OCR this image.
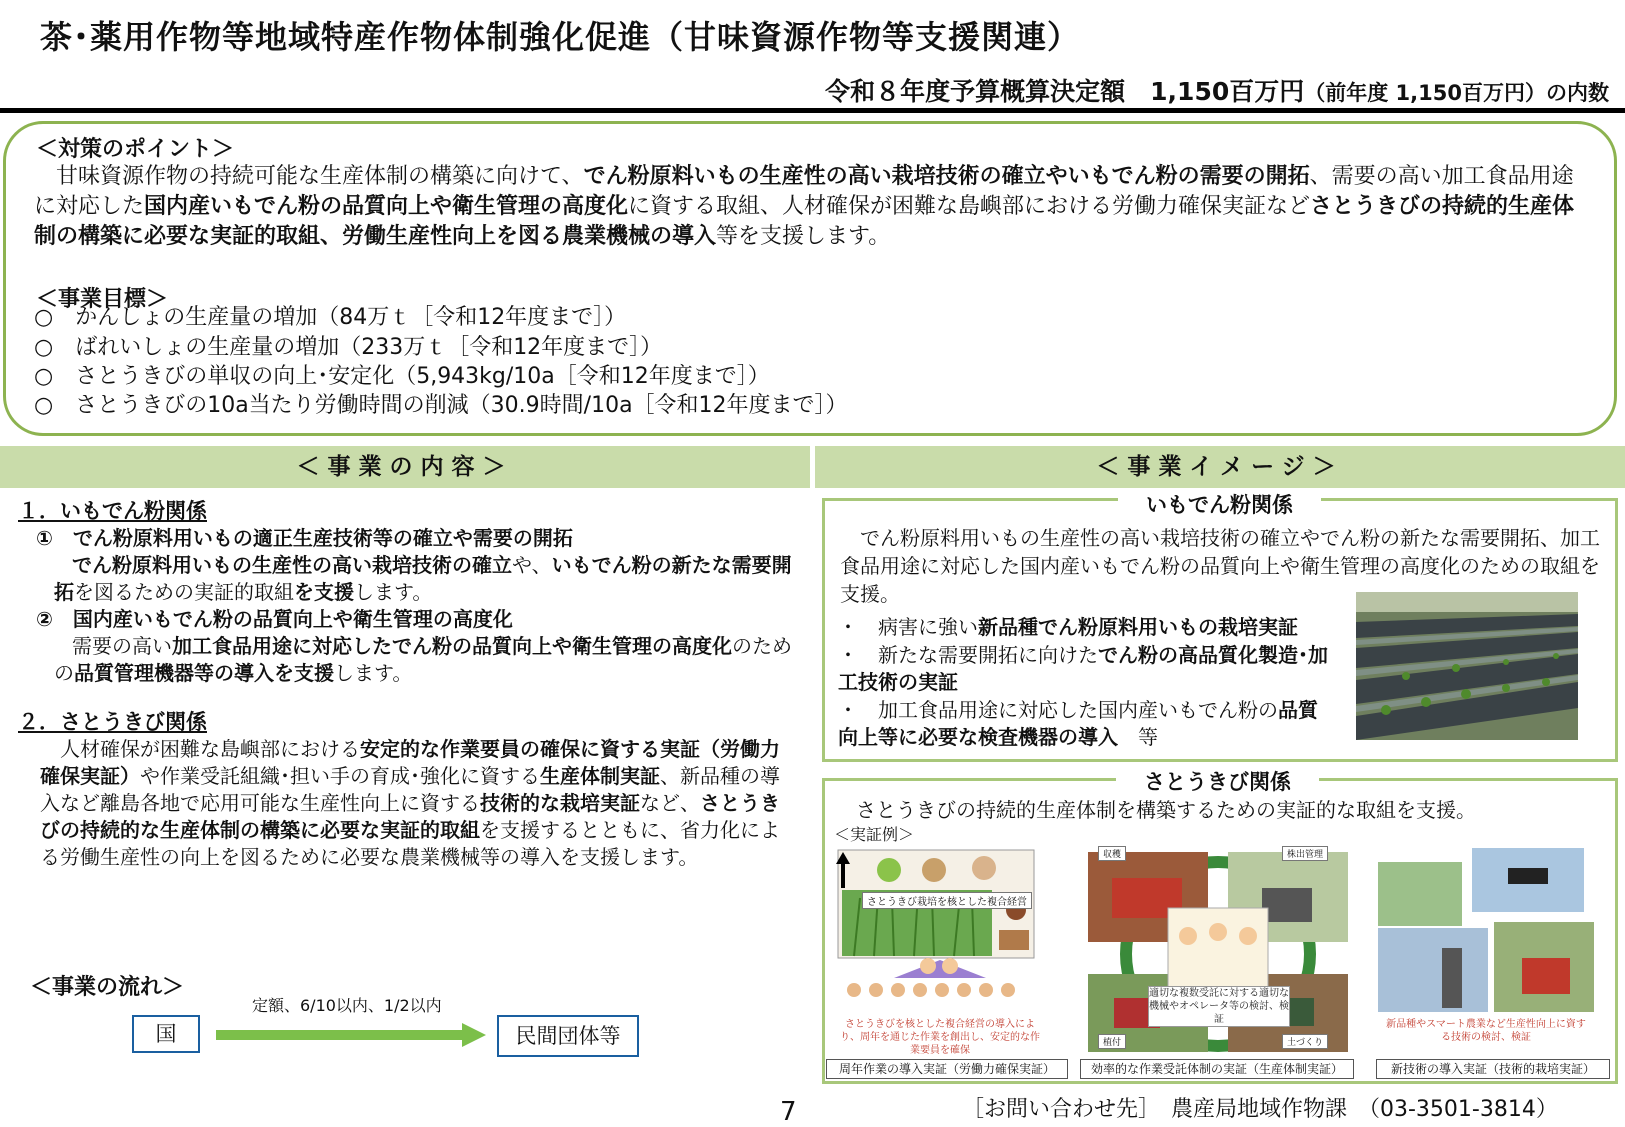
茶･薬用作物等地域特産作物体制強化促進（甘味資源作物等支援関連）
令和８年度予算概算決定額　1,150百万円（前年度 1,150百万円）の内数
＜対策のポイント＞
　甘味資源作物の持続可能な生産体制の構築に向けて、でん粉原料いもの生産性の高い栽培技術の確立やいもでん粉の需要の開拓、需要の高い加工食品用途に対応した国内産いもでん粉の品質向上や衛生管理の高度化に資する取組、人材確保が困難な島嶼部における労働力確保実証などさとうきびの持続的生産体制の構築に必要な実証的取組、労働生産性向上を図る農業機械の導入等を支援します。
＜事業目標＞
○　かんしょの生産量の増加（84万ｔ［令和12年度まで］）
○　ばれいしょの生産量の増加（233万ｔ［令和12年度まで］）
○　さとうきびの単収の向上･安定化（5,943kg/10a［令和12年度まで］）
○　さとうきびの10a当たり労働時間の削減（30.9時間/10a［令和12年度まで］）
＜事業の内容＞	＜事業イメージ＞
１．いもでん粉関係
①　でん粉原料用いもの適正生産技術等の確立や需要の開拓
でん粉原料用いもの生産性の高い栽培技術の確立や、いもでん粉の新たな需要開拓を図るための実証的取組を支援します。
②　国内産いもでん粉の品質向上や衛生管理の高度化
需要の高い加工食品用途に対応したでん粉の品質向上や衛生管理の高度化のための品質管理機器等の導入を支援します。
２．さとうきび関係
人材確保が困難な島嶼部における安定的な作業要員の確保に資する実証（労働力確保実証）や作業受託組織･担い手の育成･強化に資する生産体制実証、新品種の導入など離島各地で応用可能な生産性向上に資する技術的な栽培実証など、さとうきびの持続的な生産体制の構築に必要な実証的取組を支援するとともに、省力化による労働生産性の向上を図るために必要な農業機械等の導入を支援します。
＜事業の流れ＞
国
定額、6/10以内、1/2以内
民間団体等
いもでん粉関係
　でん粉原料用いもの生産性の高い栽培技術の確立やでん粉の新たな需要開拓、加工食品用途に対応した国内産いもでん粉の品質向上や衛生管理の高度化のための取組を支援。
・　病害に強い新品種でん粉原料用いもの栽培実証
・　新たな需要開拓に向けたでん粉の高品質化製造･加工技術の実証
・　加工食品用途に対応した国内産いもでん粉の品質向上等に必要な検査機器の導入　等
さとうきび関係
さとうきびの持続的生産体制を構築するための実証的な取組を支援。
＜実証例＞
さとうきび栽培を核とした複合経営
さとうきびを核とした複合経営の導入により、周年を通じた作業を創出し、安定的な作業要員を確保
収穫	株出管理
植付	土づくり
適切な複数受託に対する適切な機械やオペレータ等の検討、検証	新品種やスマート農業など生産性向上に資する技術の検討、検証
周年作業の導入実証（労働力確保実証）	効率的な作業受託体制の実証（生産体制実証）	新技術の導入実証（技術的栽培実証）
7	［お問い合わせ先］　農産局地域作物課　（03-3501-3814）
